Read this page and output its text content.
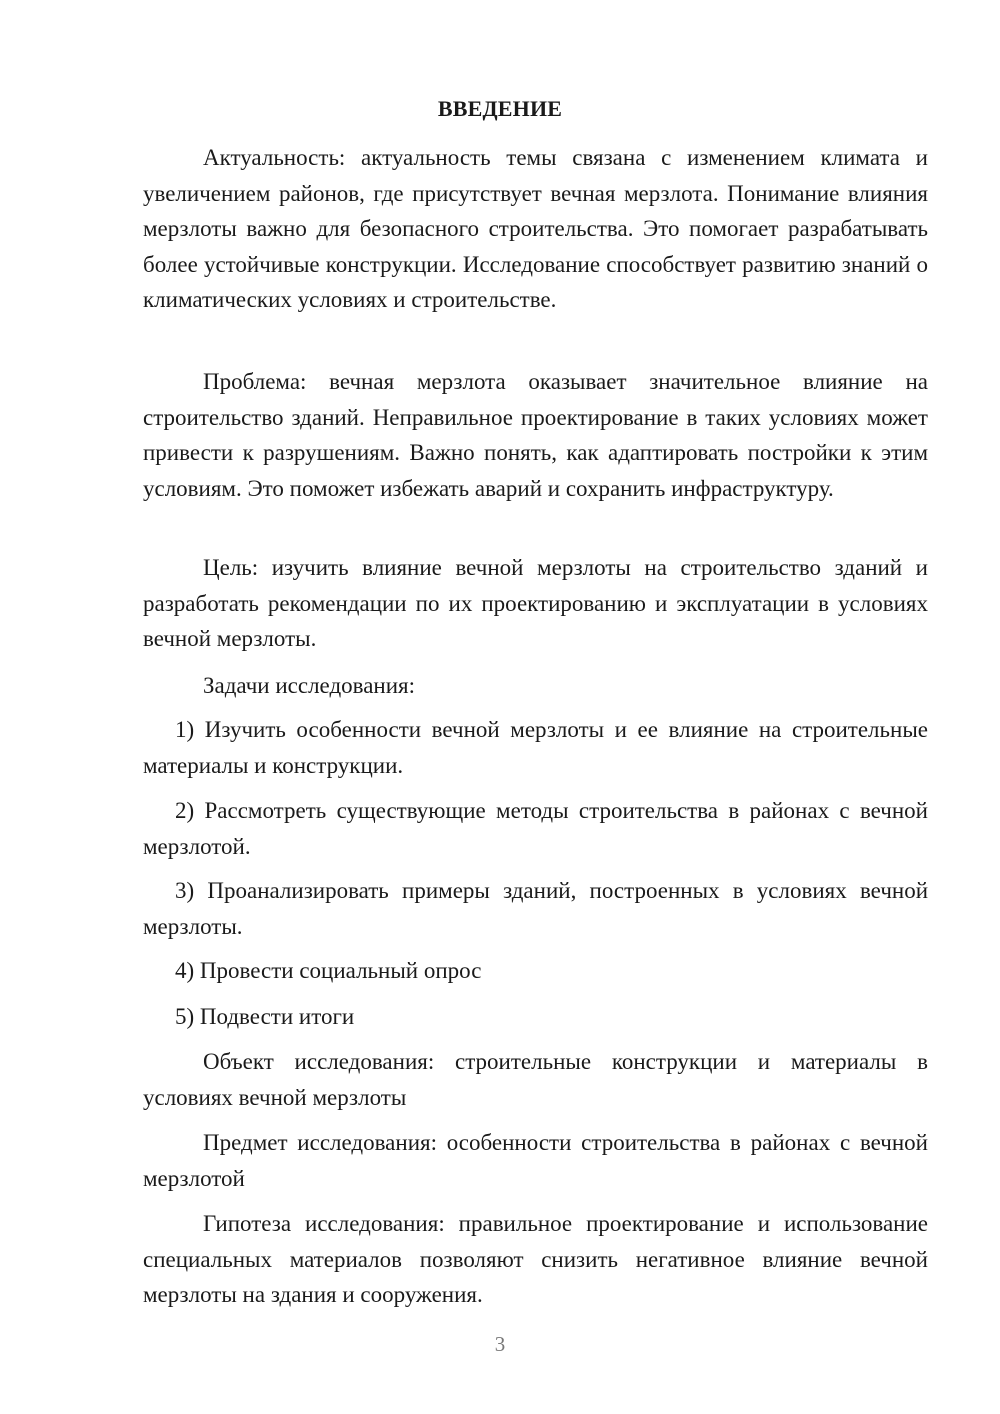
ВВЕДЕНИЕ

Актуальность: актуальность темы связана с изменением климата и увеличением районов, где присутствует вечная мерзлота. Понимание влияния мерзлоты важно для безопасного строительства. Это помогает разрабатывать более устойчивые конструкции. Исследование способствует развитию знаний о климатических условиях и строительстве.

Проблема: вечная мерзлота оказывает значительное влияние на строительство зданий. Неправильное проектирование в таких условиях может привести к разрушениям. Важно понять, как адаптировать постройки к этим условиям. Это поможет избежать аварий и сохранить инфраструктуру.

Цель: изучить влияние вечной мерзлоты на строительство зданий и разработать рекомендации по их проектированию и эксплуатации в условиях вечной мерзлоты.

Задачи исследования:

1) Изучить особенности вечной мерзлоты и ее влияние на строительные материалы и конструкции.

2) Рассмотреть существующие методы строительства в районах с вечной мерзлотой.

3) Проанализировать примеры зданий, построенных в условиях вечной мерзлоты.

4) Провести социальный опрос

5) Подвести итоги

Объект исследования: строительные конструкции и материалы в условиях вечной мерзлоты

Предмет исследования: особенности строительства в районах с вечной мерзлотой

Гипотеза исследования: правильное проектирование и использование специальных материалов позволяют снизить негативное влияние вечной мерзлоты на здания и сооружения.

3
